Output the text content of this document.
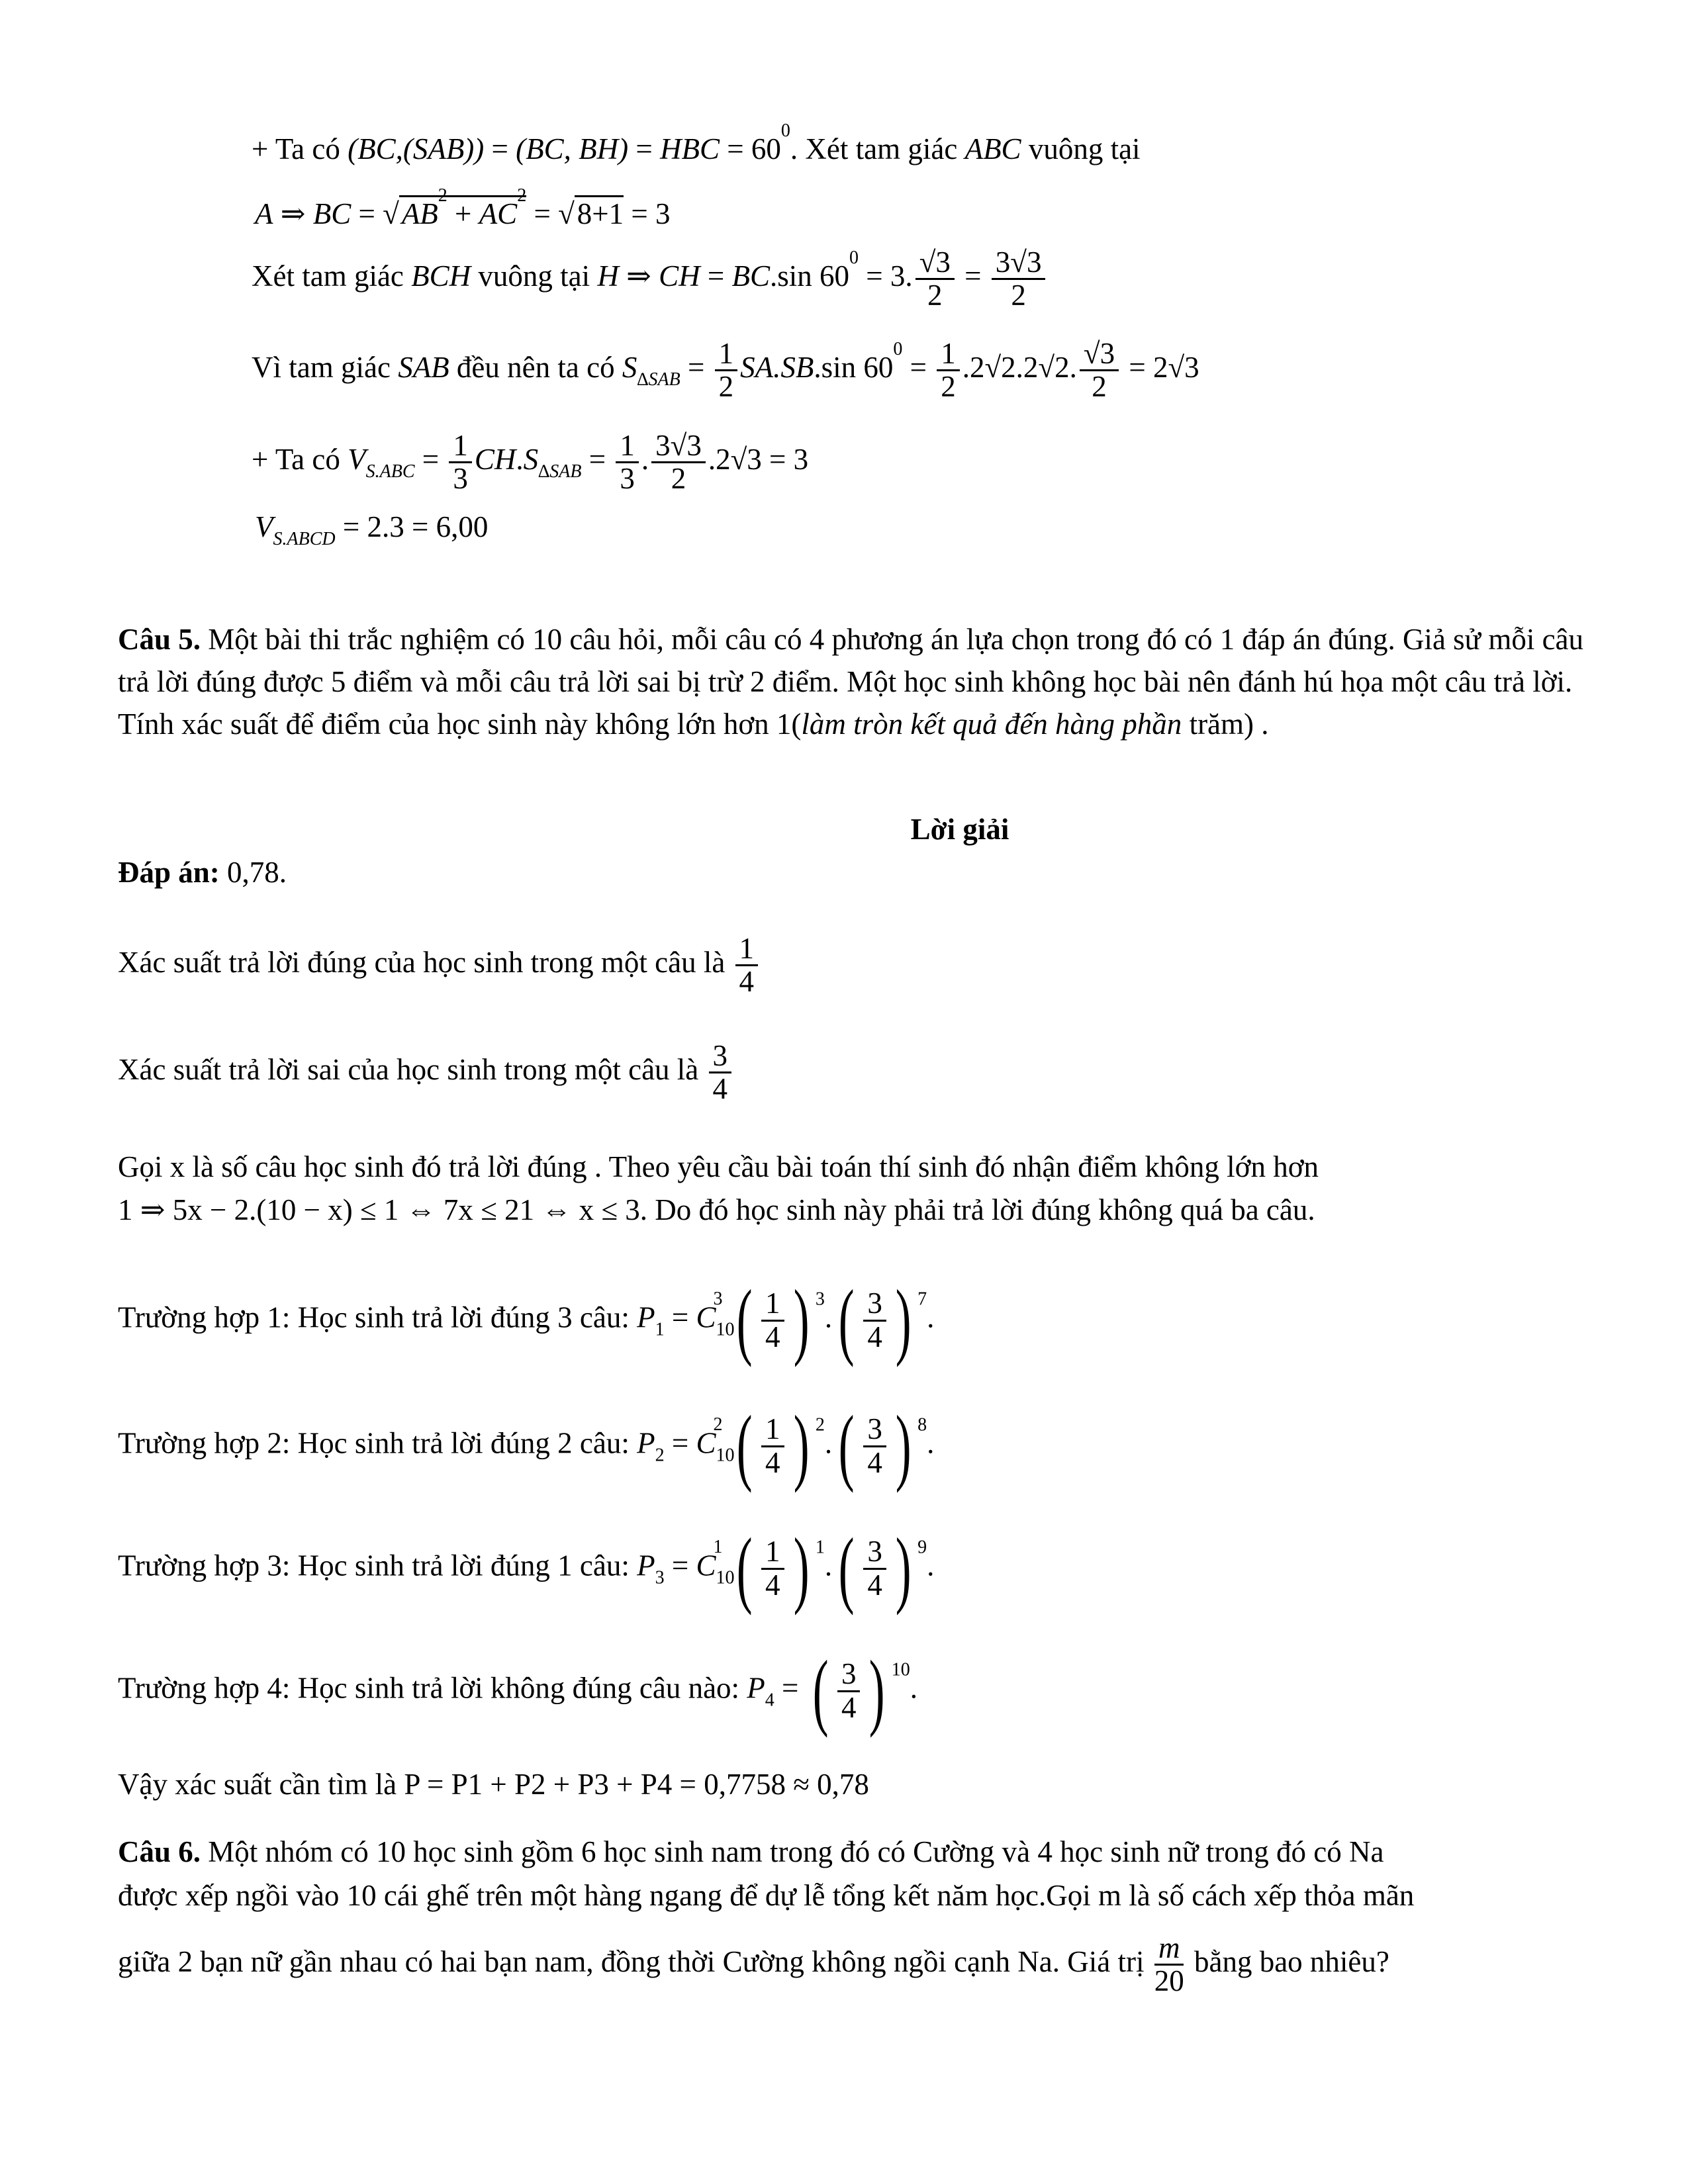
+ Ta có (BC,(SAB)) = (BC, BH) = HBC = $60^0$. Xét tam giác ABC vuông tại
A ⇒ BC = $√AB^2 + AC^2 = √8+1 = 3$
Xét tam giác BCH vuông tại H ⇒ CH = BC.sin $60^0 = 3$. $\frac{√3}{2} = \frac{3√3}{2}$
Vì tam giác SAB đều nên ta có $S_{\Delta SAB} = \frac{1}{2} SA.SB.\sin$ $60^0 = \frac{1}{2} .2√2.2√2$. $\frac{√3}{2} = 2√3$
+ Ta có $V_{S.ABC} = \frac{1}{3} CH.S_{\Delta SAB} = \frac{1}{3}$ . $\frac{3√3}{2} .2√3 = 3$
$V_{S.ABCD} = 2.3 = 6,00$
Câu 5. Một bài thi trắc nghiệm có 10 câu hỏi, mỗi câu có 4 phương án lựa chọn trong đó có 1 đáp án đúng. Giả sử mỗi câu trả lời đúng được 5 điểm và mỗi câu trả lời sai bị trừ 2 điểm. Một học sinh không học bài nên đánh hú họa một câu trả lời. Tính xác suất để điểm của học sinh này không lớn hơn 1(làm tròn kết quả đến hàng phần trăm) .
Lời giải
Đáp án: 0,78.
Xác suất trả lời đúng của học sinh trong một câu là $\frac{1}{4}$
Xác suất trả lời sai của học sinh trong một câu là $\frac{3}{4}$
Gọi x là số câu học sinh đó trả lời đúng . Theo yêu cầu bài toán thí sinh đó nhận điểm không lớn hơn
1 ⇒ 5x − 2.(10 − x) ≤ 1 ⇔ 7x ≤ 21 ⇔ x ≤ 3. Do đó học sinh này phải trả lời đúng không quá ba câu.
Trường hợp 1: Học sinh trả lời đúng 3 câu: $P_1 = C_{10}^3$ ( $\frac{1}{4}$ ) $^3.( \frac{3}{4}$ ) $^7$.
Trường hợp 2: Học sinh trả lời đúng 2 câu: $P_2 = C_{10}^2$ ( $\frac{1}{4}$ ) $^2.( \frac{3}{4}$ ) $^8$.
Trường hợp 3: Học sinh trả lời đúng 1 câu: $P_3 = C_{10}^1$ ( $\frac{1}{4}$ ) $^1.( \frac{3}{4}$ ) $^9$.
Trường hợp 4: Học sinh trả lời không đúng câu nào: $P_4$ = ( $\frac{3}{4}$ ) $^{10}$.
Vậy xác suất cần tìm là P = P1 + P2 + P3 + P4 = 0,7758 ≈ 0,78
Câu 6. Một nhóm có 10 học sinh gồm 6 học sinh nam trong đó có Cường và 4 học sinh nữ trong đó có Na
được xếp ngồi vào 10 cái ghế trên một hàng ngang để dự lễ tổng kết năm học.Gọi m là số cách xếp thỏa mãn
giữa 2 bạn nữ gần nhau có hai bạn nam, đồng thời Cường không ngồi cạnh Na. Giá trị $\frac{m}{20}$ bằng bao nhiêu?
